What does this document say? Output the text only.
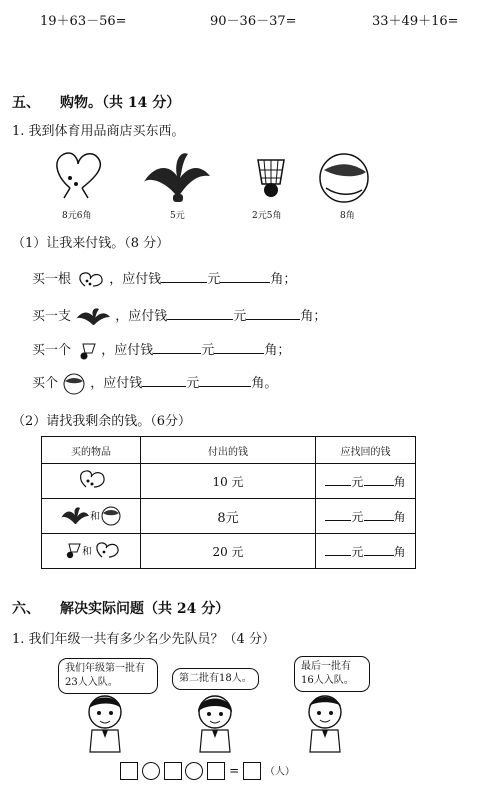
19＋63－56=	90－36－37=	33＋49＋16=
五、 购物。（共 14 分）
1. 我到体育用品商店买东西。
8元6角	5元	2元5角	8角
（1）让我来付钱。（8 分）
买一根	，应付钱	元	角；
买一支	，应付钱	元	角；
买一个 ，应付钱	元	角；
买个 ，应付钱	元	角。
（2）请找我剩余的钱。（6分）
买的物品	付出的钱	应找回的钱
	10 元	元 角
和	8元	元 角
和	20 元	元 角
六、 解决实际问题（共 24 分）
1. 我们年级一共有多少名少先队员？（4 分）
我们年级第一批有23人入队。	第二批有18人。
最后一批有16人入队。
=	（人）
